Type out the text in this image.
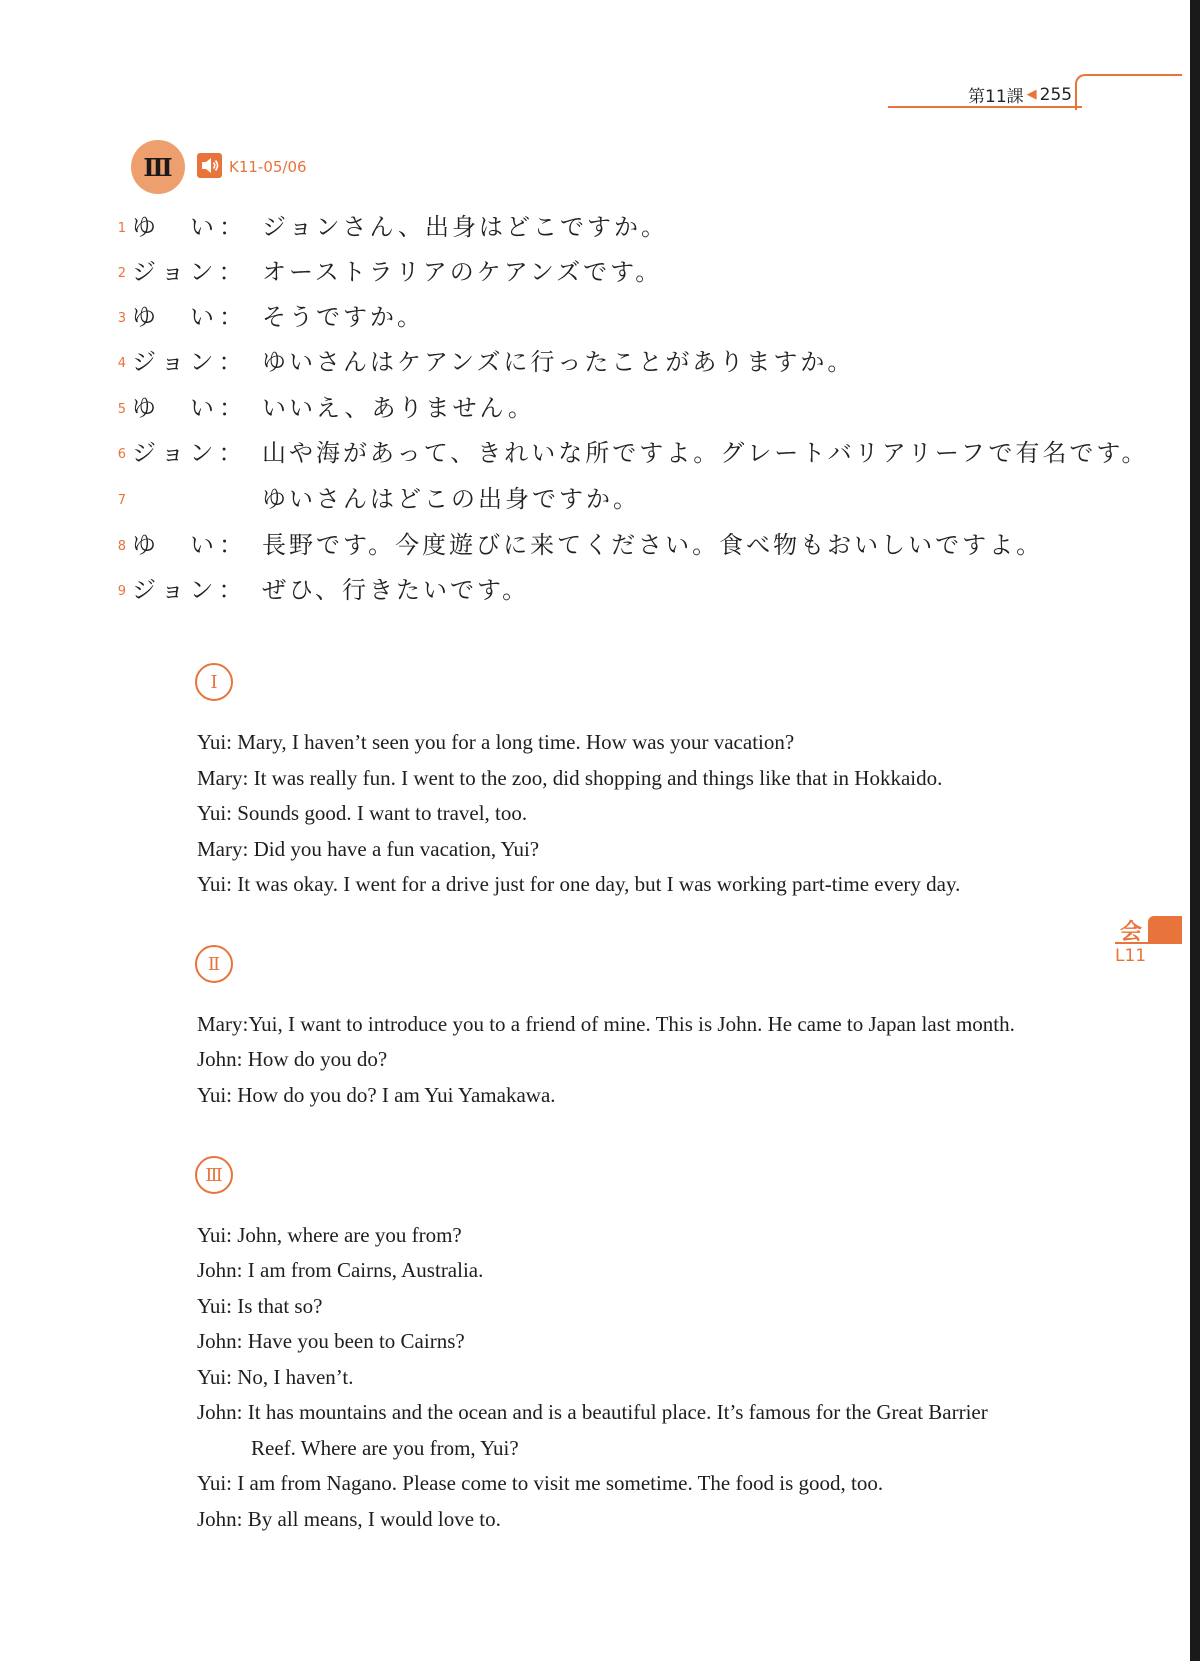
第11課 ◀ 255
Ⅲ	K11-05/06
1 ゆ　い： ジョンさん、出身はどこですか。
2 ジョン： オーストラリアのケアンズです。
3 ゆ　い： そうですか。
4 ジョン： ゆいさんはケアンズに行ったことがありますか。
5 ゆ　い： いいえ、ありません。
6 ジョン： 山や海があって、きれいな所ですよ。グレートバリアリーフで有名です。
7	ゆいさんはどこの出身ですか。
8 ゆ　い： 長野です。今度遊びに来てください。食べ物もおいしいですよ。
9 ジョン： ぜひ、行きたいです。
I
Yui: Mary, I haven’t seen you for a long time. How was your vacation?
Mary: It was really fun. I went to the zoo, did shopping and things like that in Hokkaido.
Yui: Sounds good. I want to travel, too.
Mary: Did you have a fun vacation, Yui?
Yui: It was okay. I went for a drive just for one day, but I was working part-time every day.
Ⅱ
Mary:Yui, I want to introduce you to a friend of mine. This is John. He came to Japan last month.
John: How do you do?
Yui: How do you do? I am Yui Yamakawa.
Ⅲ
Yui: John, where are you from?
John: I am from Cairns, Australia.
Yui: Is that so?
John: Have you been to Cairns?
Yui: No, I haven’t.
John: It has mountains and the ocean and is a beautiful place. It’s famous for the Great Barrier
Reef. Where are you from, Yui?
Yui: I am from Nagano. Please come to visit me sometime. The food is good, too.
John: By all means, I would love to.
会
L11
